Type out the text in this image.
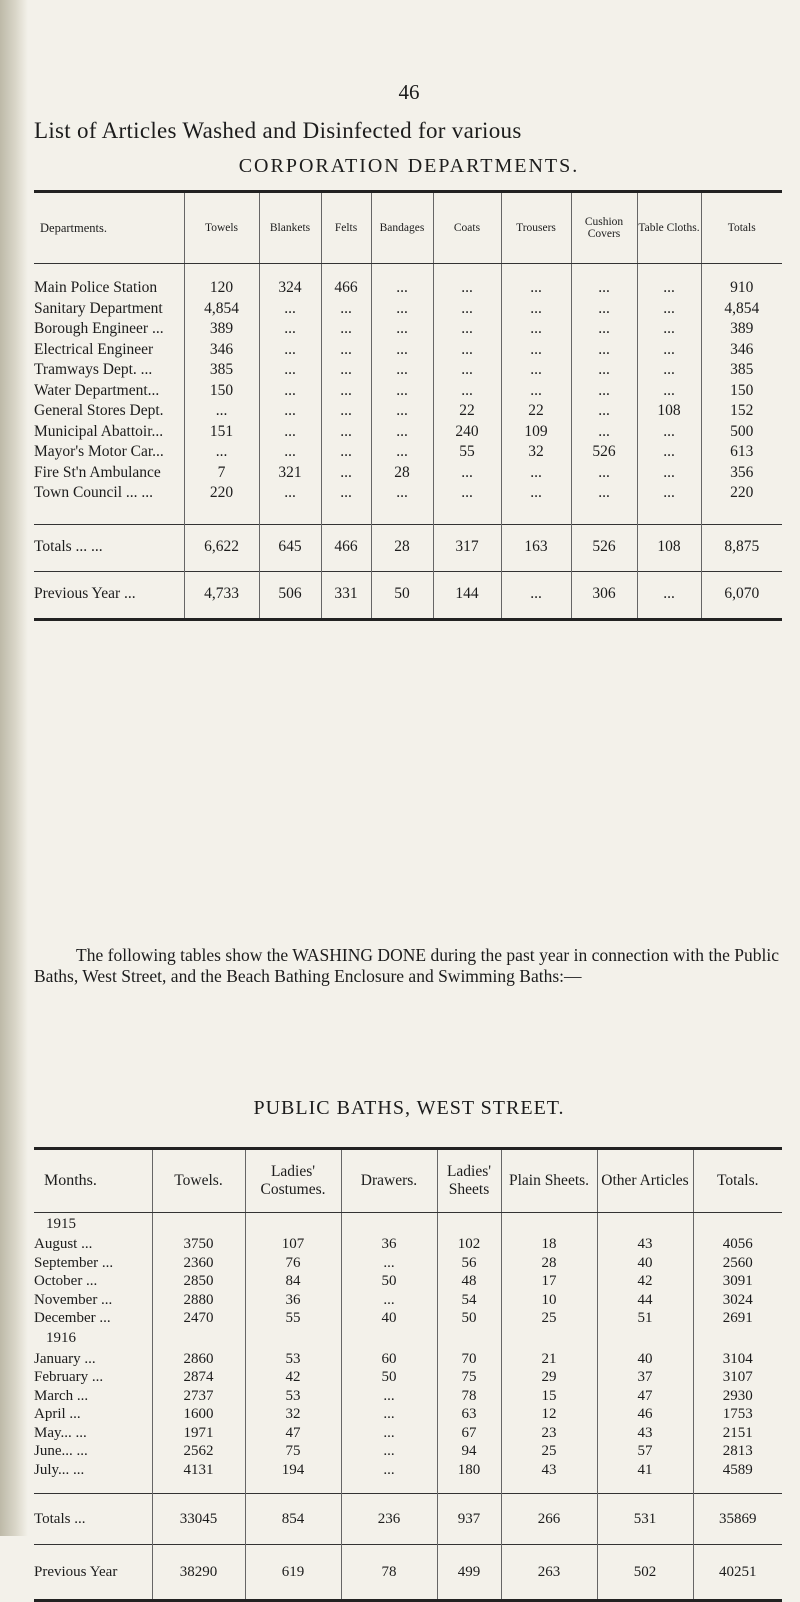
46
List of Articles Washed and Disinfected for various
CORPORATION DEPARTMENTS.
Departments.	Towels	Blankets	Felts	Bandages	Coats	Trousers	Cushion Covers	Table Cloths.	Totals
Main Police Station	120	324	466	...	...	...	...	...	910
Sanitary Department	4,854	...	...	...	...	...	...	...	4,854
Borough Engineer ...	389	...	...	...	...	...	...	...	389
Electrical Engineer	346	...	...	...	...	...	...	...	346
Tramways Dept. ...	385	...	...	...	...	...	...	...	385
Water Department...	150	...	...	...	...	...	...	...	150
General Stores Dept.	...	...	...	...	22	22	...	108	152
Municipal Abattoir...	151	...	...	...	240	109	...	...	500
Mayor's Motor Car...	...	...	...	...	55	32	526	...	613
Fire St'n Ambulance	7	321	...	28	...	...	...	...	356
Town Council ... ...	220	...	...	...	...	...	...	...	220
Totals ... ...	6,622	645	466	28	317	163	526	108	8,875
Previous Year ...	4,733	506	331	50	144	...	306	...	6,070

The following tables show the WASHING DONE during the past year in connection with the Public Baths, West Street, and the Beach Bathing Enclosure and Swimming Baths:—

PUBLIC BATHS, WEST STREET.
Months.	Towels.	Ladies' Costumes.	Drawers.	Ladies' Sheets	Plain Sheets.	Other Articles	Totals.
1915							
August ...	3750	107	36	102	18	43	4056
September ...	2360	76	...	56	28	40	2560
October ...	2850	84	50	48	17	42	3091
November ...	2880	36	...	54	10	44	3024
December ...	2470	55	40	50	25	51	2691
1916							
January ...	2860	53	60	70	21	40	3104
February ...	2874	42	50	75	29	37	3107
March ...	2737	53	...	78	15	47	2930
April ...	1600	32	...	63	12	46	1753
May... ...	1971	47	...	67	23	43	2151
June... ...	2562	75	...	94	25	57	2813
July... ...	4131	194	...	180	43	41	4589
Totals ...	33045	854	236	937	266	531	35869
Previous Year	38290	619	78	499	263	502	40251
